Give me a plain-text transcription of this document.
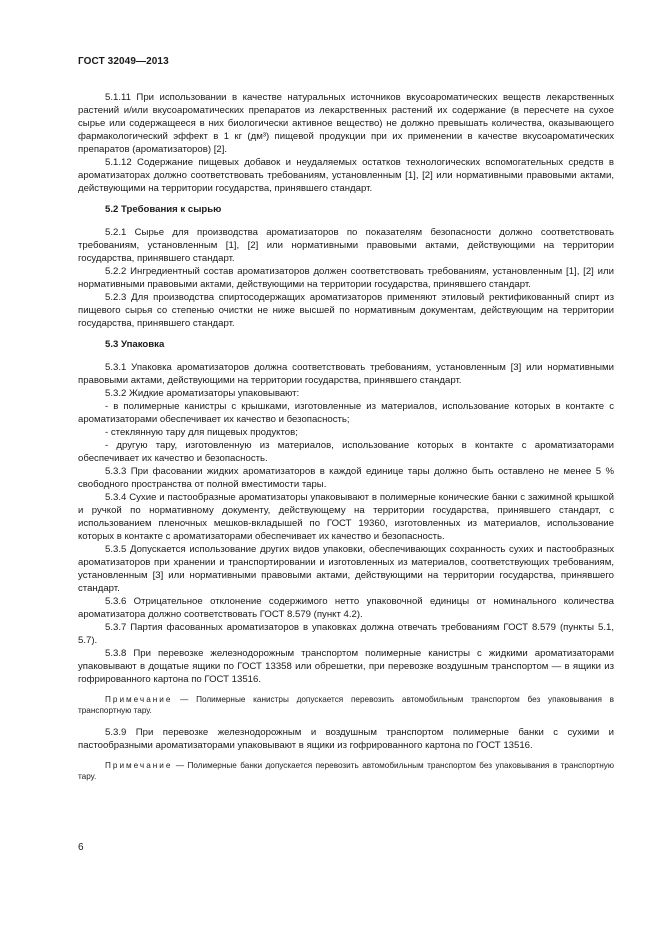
ГОСТ 32049—2013

5.1.11 При использовании в качестве натуральных источников вкусоароматических веществ лекарственных растений и/или вкусоароматических препаратов из лекарственных растений их содержание (в пересчете на сухое сырье или содержащееся в них биологически активное вещество) не должно превышать количества, оказывающего фармакологический эффект в 1 кг (дм³) пищевой продукции при их применении в качестве вкусоароматических препаратов (ароматизаторов) [2].

5.1.12 Содержание пищевых добавок и неудаляемых остатков технологических вспомогательных средств в ароматизаторах должно соответствовать требованиям, установленным [1], [2] или нормативными правовыми актами, действующими на территории государства, принявшего стандарт.

5.2 Требования к сырью

5.2.1 Сырье для производства ароматизаторов по показателям безопасности должно соответствовать требованиям, установленным [1], [2] или нормативными правовыми актами, действующими на территории государства, принявшего стандарт.

5.2.2 Ингредиентный состав ароматизаторов должен соответствовать требованиям, установленным [1], [2] или нормативными правовыми актами, действующими на территории государства, принявшего стандарт.

5.2.3 Для производства спиртосодержащих ароматизаторов применяют этиловый ректификованный спирт из пищевого сырья со степенью очистки не ниже высшей по нормативным документам, действующим на территории государства, принявшего стандарт.

5.3 Упаковка

5.3.1 Упаковка ароматизаторов должна соответствовать требованиям, установленным [3] или нормативными правовыми актами, действующими на территории государства, принявшего стандарт.

5.3.2 Жидкие ароматизаторы упаковывают:

- в полимерные канистры с крышками, изготовленные из материалов, использование которых в контакте с ароматизаторами обеспечивает их качество и безопасность;

- стеклянную тару для пищевых продуктов;

- другую тару, изготовленную из материалов, использование которых в контакте с ароматизаторами обеспечивает их качество и безопасность.

5.3.3 При фасовании жидких ароматизаторов в каждой единице тары должно быть оставлено не менее 5 % свободного пространства от полной вместимости тары.

5.3.4 Сухие и пастообразные ароматизаторы упаковывают в полимерные конические банки с зажимной крышкой и ручкой по нормативному документу, действующему на территории государства, принявшего стандарт, с использованием пленочных мешков-вкладышей по ГОСТ 19360, изготовленных из материалов, использование которых в контакте с ароматизаторами обеспечивает их качество и безопасность.

5.3.5 Допускается использование других видов упаковки, обеспечивающих сохранность сухих и пастообразных ароматизаторов при хранении и транспортировании и изготовленных из материалов, соответствующих требованиям, установленным [3] или нормативными правовыми актами, действующими на территории государства, принявшего стандарт.

5.3.6 Отрицательное отклонение содержимого нетто упаковочной единицы от номинального количества ароматизатора должно соответствовать ГОСТ 8.579 (пункт 4.2).

5.3.7 Партия фасованных ароматизаторов в упаковках должна отвечать требованиям ГОСТ 8.579 (пункты 5.1, 5.7).

5.3.8 При перевозке железнодорожным транспортом полимерные канистры с жидкими ароматизаторами упаковывают в дощатые ящики по ГОСТ 13358 или обрешетки, при перевозке воздушным транспортом — в ящики из гофрированного картона по ГОСТ 13516.

Примечание — Полимерные канистры допускается перевозить автомобильным транспортом без упаковывания в транспортную тару.

5.3.9 При перевозке железнодорожным и воздушным транспортом полимерные банки с сухими и пастообразными ароматизаторами упаковывают в ящики из гофрированного картона по ГОСТ 13516.

Примечание — Полимерные банки допускается перевозить автомобильным транспортом без упаковывания в транспортную тару.

6
